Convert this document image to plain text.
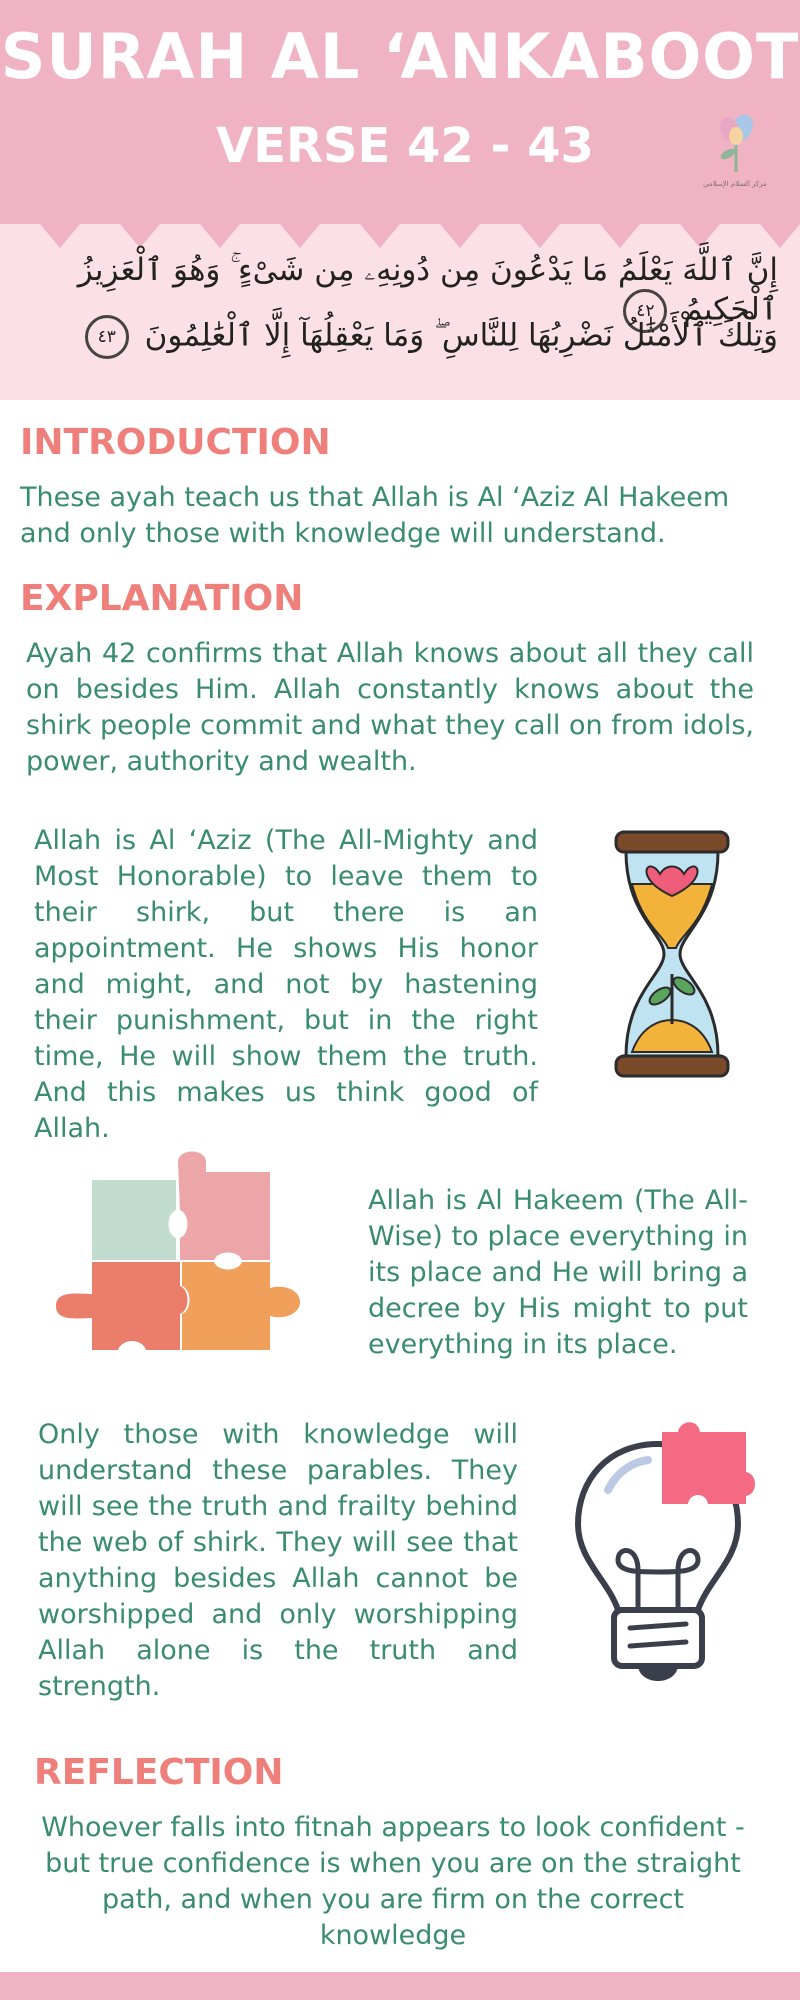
SURAH AL ‘ANKABOOT
VERSE 42 - 43
مركز السلام الإسلامي
إِنَّ ٱللَّهَ يَعْلَمُ مَا يَدْعُونَ مِن دُونِهِۦ مِن شَىْءٍ ۚ وَهُوَ ٱلْعَزِيزُ ٱلْحَكِيمُ ٤٢
وَتِلْكَ ٱلْأَمْثَٰلُ نَضْرِبُهَا لِلنَّاسِ ۖ وَمَا يَعْقِلُهَآ إِلَّا ٱلْعَٰلِمُونَ ٤٣
INTRODUCTION
These ayah teach us that Allah is Al ‘Aziz Al Hakeem and only those with knowledge will understand.
EXPLANATION
Ayah 42 confirms that Allah knows about all they call on besides Him. Allah constantly knows about the shirk people commit and what they call on from idols, power, authority and wealth.
Allah is Al ‘Aziz (The All-Mighty and Most Honorable) to leave them to their shirk, but there is an appointment. He shows His honor and might, and not by hastening their punishment, but in the right time, He will show them the truth. And this makes us think good of Allah.
Allah is Al Hakeem (The All-Wise) to place everything in its place and He will bring a decree by His might to put everything in its place.
Only those with knowledge will understand these parables. They will see the truth and frailty behind the web of shirk. They will see that anything besides Allah cannot be worshipped and only worshipping Allah alone is the truth and strength.
REFLECTION
Whoever falls into fitnah appears to look confident - but true confidence is when you are on the straight path, and when you are firm on the correct knowledge
